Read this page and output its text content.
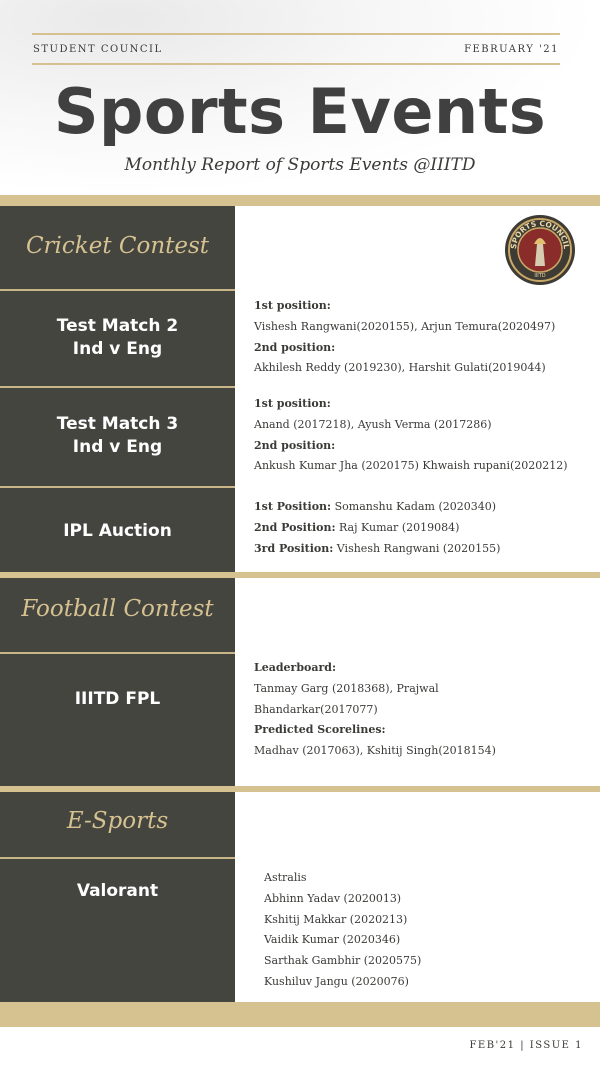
STUDENT COUNCIL	FEBRUARY '21
Sports Events
Monthly Report of Sports Events @IIITD
Cricket Contest	SPORTS COUNCIL
IIITD
Test Match 2
Ind v Eng
1st position:
Vishesh Rangwani(2020155), Arjun Temura(2020497)
2nd position:
Akhilesh Reddy (2019230), Harshit Gulati(2019044)
Test Match 3
Ind v Eng
1st position:
Anand (2017218), Ayush Verma (2017286)
2nd position:
Ankush Kumar Jha (2020175) Khwaish rupani(2020212)
IPL Auction
1st Position: Somanshu Kadam (2020340)
2nd Position: Raj Kumar (2019084)
3rd Position: Vishesh Rangwani (2020155)
Football Contest
IIITD FPL
Leaderboard:
Tanmay Garg (2018368), Prajwal
Bhandarkar(2017077)
Predicted Scorelines:
Madhav (2017063), Kshitij Singh(2018154)
E-Sports
Valorant
Astralis
Abhinn Yadav (2020013)
Kshitij Makkar (2020213)
Vaidik Kumar (2020346)
Sarthak Gambhir (2020575)
Kushiluv Jangu (2020076)
FEB'21 | ISSUE 1
